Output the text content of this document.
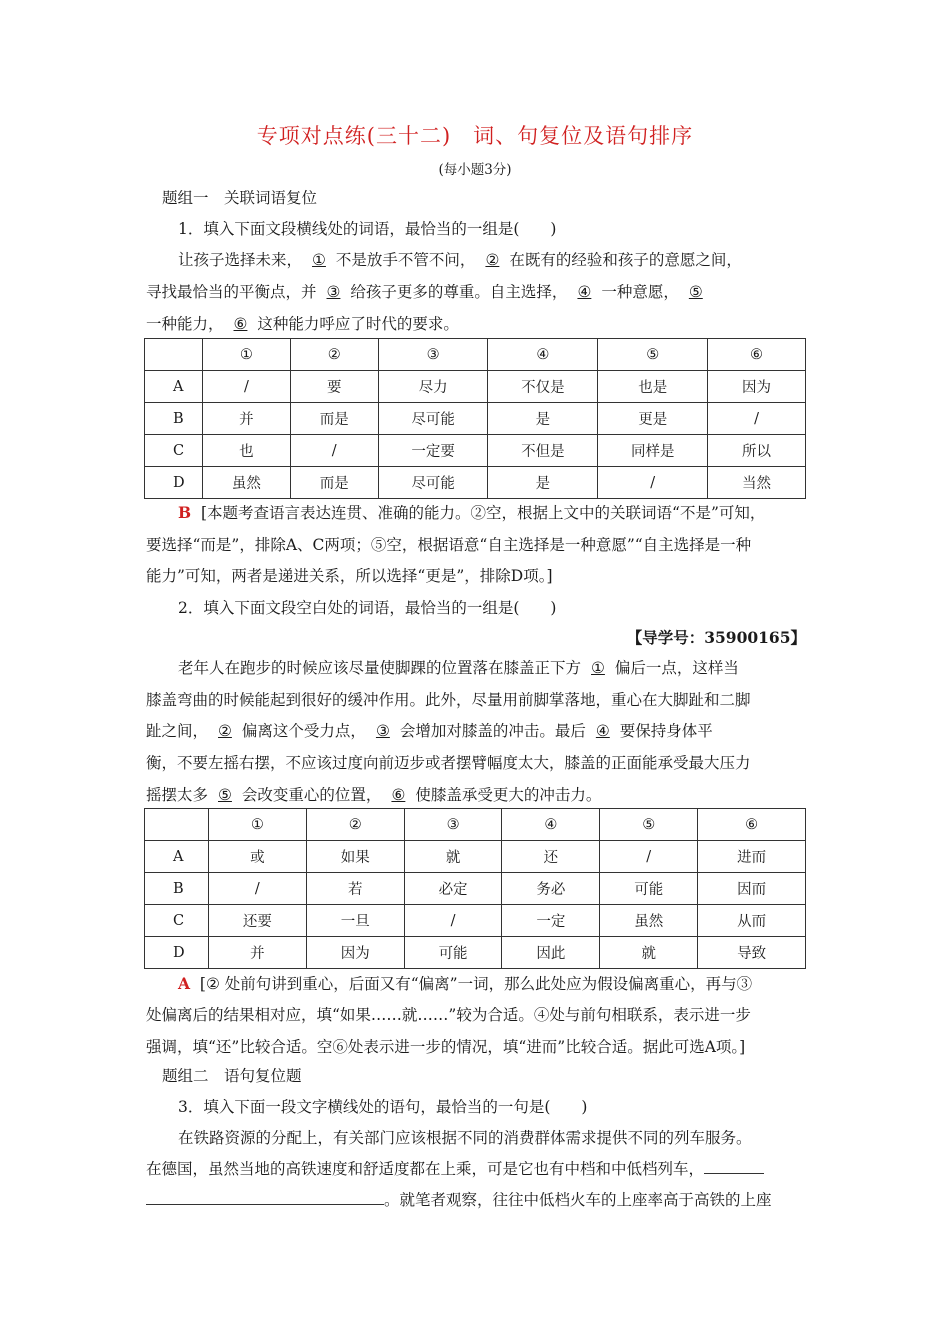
专项对点练(三十二)　词、句复位及语句排序
(每小题3分)
题组一　关联词语复位
1．填入下面文段横线处的词语，最恰当的一组是(　　)
让孩子选择未来， ① 不是放手不管不问， ② 在既有的经验和孩子的意愿之间，
寻找最恰当的平衡点，并 ③ 给孩子更多的尊重。自主选择， ④ 一种意愿， ⑤
一种能力， ⑥ 这种能力呼应了时代的要求。
	①	②	③	④	⑤	⑥
A	/	要	尽力	不仅是	也是	因为
B	并	而是	尽可能	是	更是	/
C	也	/	一定要	不但是	同样是	所以
D	虽然	而是	尽可能	是	/	当然
B [本题考查语言表达连贯、准确的能力。②空，根据上文中的关联词语“不是”可知，
要选择“而是”，排除A、C两项；⑤空，根据语意“自主选择是一种意愿”“自主选择是一种
能力”可知，两者是递进关系，所以选择“更是”，排除D项。]
2．填入下面文段空白处的词语，最恰当的一组是(　　)
【导学号：35900165】
老年人在跑步的时候应该尽量使脚踝的位置落在膝盖正下方 ① 偏后一点，这样当
膝盖弯曲的时候能起到很好的缓冲作用。此外，尽量用前脚掌落地，重心在大脚趾和二脚
趾之间， ② 偏离这个受力点， ③ 会增加对膝盖的冲击。最后 ④ 要保持身体平
衡，不要左摇右摆，不应该过度向前迈步或者摆臂幅度太大，膝盖的正面能承受最大压力
摇摆太多 ⑤ 会改变重心的位置， ⑥ 使膝盖承受更大的冲击力。
	①	②	③	④	⑤	⑥
A	或	如果	就	还	/	进而
B	/	若	必定	务必	可能	因而
C	还要	一旦	/	一定	虽然	从而
D	并	因为	可能	因此	就	导致
A [② 处前句讲到重心，后面又有“偏离”一词，那么此处应为假设偏离重心，再与③
处偏离后的结果相对应，填“如果……就……”较为合适。④处与前句相联系，表示进一步
强调，填“还”比较合适。空⑥处表示进一步的情况，填“进而”比较合适。据此可选A项。]
题组二　语句复位题
3．填入下面一段文字横线处的语句，最恰当的一句是(　　)
在铁路资源的分配上，有关部门应该根据不同的消费群体需求提供不同的列车服务。
在德国，虽然当地的高铁速度和舒适度都在上乘，可是它也有中档和中低档列车，
。就笔者观察，往往中低档火车的上座率高于高铁的上座
